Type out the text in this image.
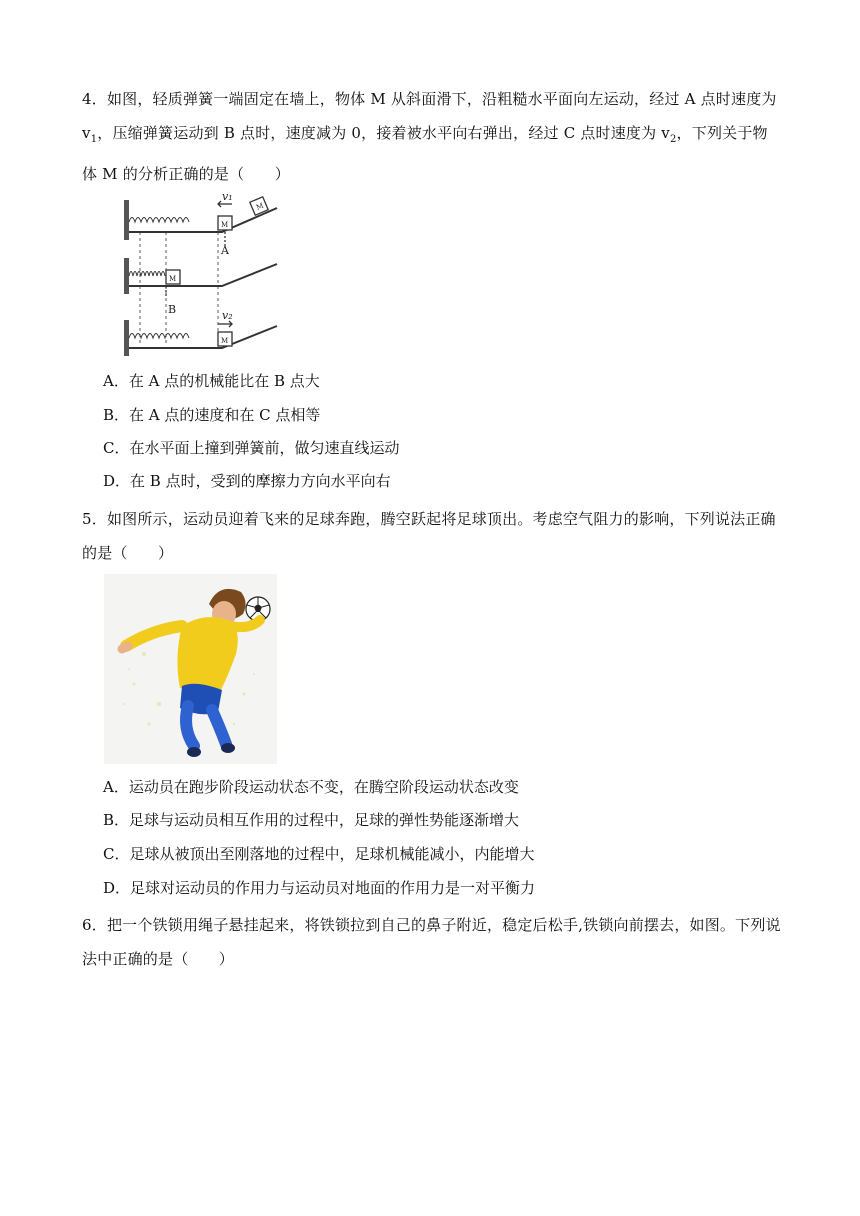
4．如图，轻质弹簧一端固定在墙上，物体 M 从斜面滑下，沿粗糙水平面向左运动，经过 A 点时速度为 $v_1$，压缩弹簧运动到 B 点时，速度减为 0，接着被水平向右弹出，经过 C 点时速度为 $v_2$，下列关于物体 M 的分析正确的是（　　）

v₁
A
B	v₂
M
M
M
M

A．在 A 点的机械能比在 B 点大

B．在 A 点的速度和在 C 点相等

C．在水平面上撞到弹簧前，做匀速直线运动

D．在 B 点时，受到的摩擦力方向水平向右

5．如图所示，运动员迎着飞来的足球奔跑，腾空跃起将足球顶出。考虑空气阻力的影响，下列说法正确的是（　　）

A．运动员在跑步阶段运动状态不变，在腾空阶段运动状态改变

B．足球与运动员相互作用的过程中，足球的弹性势能逐渐增大

C．足球从被顶出至刚落地的过程中，足球机械能减小，内能增大

D．足球对运动员的作用力与运动员对地面的作用力是一对平衡力

6．把一个铁锁用绳子悬挂起来，将铁锁拉到自己的鼻子附近，稳定后松手,铁锁向前摆去，如图。下列说法中正确的是（　　）
